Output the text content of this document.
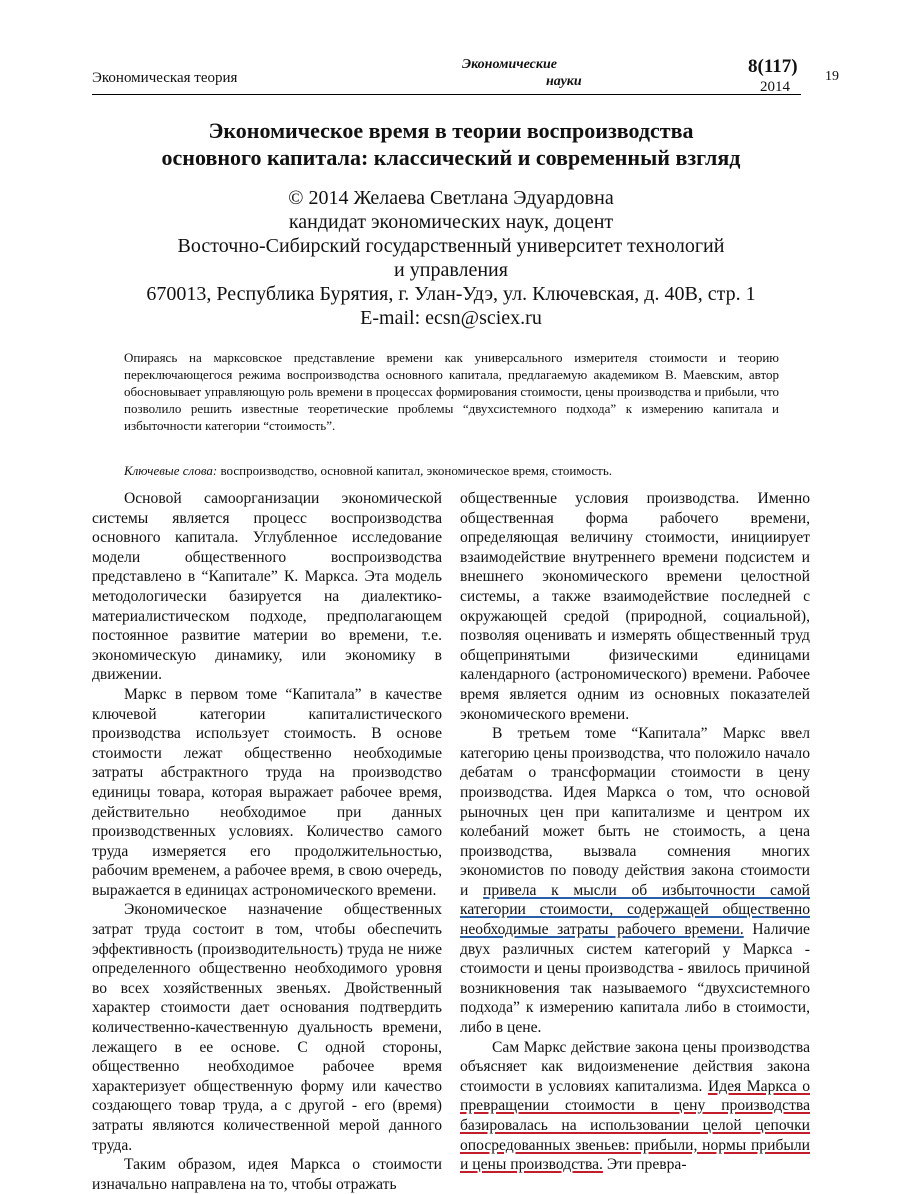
Экономическая теория
Экономические
науки
8(117)
2014
19
Экономическое время в теории воспроизводства
основного капитала: классический и современный взгляд
© 2014 Желаева Светлана Эдуардовна
кандидат экономических наук, доцент
Восточно-Сибирский государственный университет технологий
и управления
670013, Республика Бурятия, г. Улан-Удэ, ул. Ключевская, д. 40В, стр. 1
E-mail: ecsn@sciex.ru
Опираясь на марксовское представление времени как универсального измерителя стоимости и теорию переключающегося режима воспроизводства основного капитала, предлагаемую академиком В. Маевским, автор обосновывает управляющую роль времени в процессах формирования стоимости, цены производства и прибыли, что позволило решить известные теоретические проблемы “двухсистемного подхода” к измерению капитала и избыточности категории “стоимость”.
Ключевые слова: воспроизводство, основной капитал, экономическое время, стоимость.

Основой самоорганизации экономической системы является процесс воспроизводства основного капитала. Углубленное исследование модели общественного воспроизводства представлено в “Капитале” К. Маркса. Эта модель методологически базируется на диалектико-материалистическом подходе, предполагающем постоянное развитие материи во времени, т.е. экономическую динамику, или экономику в движении.

Маркс в первом томе “Капитала” в качестве ключевой категории капиталистического производства использует стоимость. В основе стоимости лежат общественно необходимые затраты абстрактного труда на производство единицы товара, которая выражает рабочее время, действительно необходимое при данных производственных условиях. Количество самого труда измеряется его продолжительностью, рабочим временем, а рабочее время, в свою очередь, выражается в единицах астрономического времени.

Экономическое назначение общественных затрат труда состоит в том, чтобы обеспечить эффективность (производительность) труда не ниже определенного общественно необходимого уровня во всех хозяйственных звеньях. Двойственный характер стоимости дает основания подтвердить количественно-качественную дуальность времени, лежащего в ее основе. С одной стороны, общественно необходимое рабочее время характеризует общественную форму или качество создающего товар труда, а с другой - его (время) затраты являются количественной мерой данного труда.

Таким образом, идея Маркса о стоимости изначально направлена на то, чтобы отражать

общественные условия производства. Именно общественная форма рабочего времени, определяющая величину стоимости, инициирует взаимодействие внутреннего времени подсистем и внешнего экономического времени целостной системы, а также взаимодействие последней с окружающей средой (природной, социальной), позволяя оценивать и измерять общественный труд общепринятыми физическими единицами календарного (астрономического) времени. Рабочее время является одним из основных показателей экономического времени.

В третьем томе “Капитала” Маркс ввел категорию цены производства, что положило начало дебатам о трансформации стоимости в цену производства. Идея Маркса о том, что основой рыночных цен при капитализме и центром их колебаний может быть не стоимость, а цена производства, вызвала сомнения многих экономистов по поводу действия закона стоимости и привела к мысли об избыточности самой категории стоимости, содержащей общественно необходимые затраты рабочего времени. Наличие двух различных систем категорий у Маркса - стоимости и цены производства - явилось причиной возникновения так называемого “двухсистемного подхода” к измерению капитала либо в стоимости, либо в цене.

Сам Маркс действие закона цены производства объясняет как видоизменение действия закона стоимости в условиях капитализма. Идея Маркса о превращении стоимости в цену производства базировалась на использовании целой цепочки опосредованных звеньев: прибыли, нормы прибыли и цены производства. Эти превра-
